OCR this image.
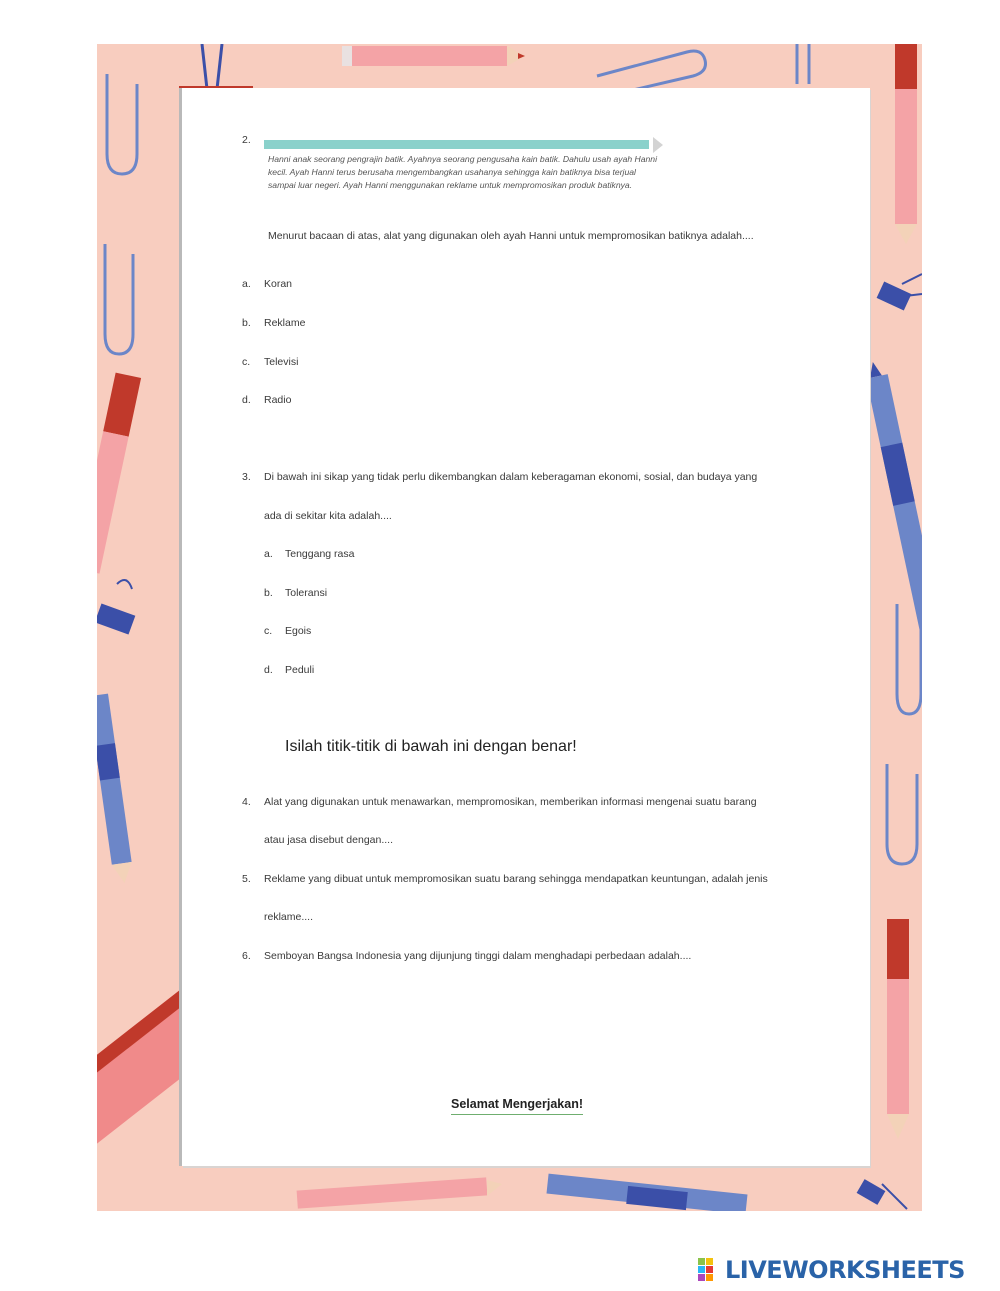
2.
Hanni anak seorang pengrajin batik. Ayahnya seorang pengusaha kain batik. Dahulu usah ayah Hanni kecil. Ayah Hanni terus berusaha mengembangkan usahanya sehingga kain batiknya bisa terjual sampai luar negeri. Ayah Hanni menggunakan reklame untuk mempromosikan produk batiknya.
Menurut bacaan di atas, alat yang digunakan oleh ayah Hanni untuk mempromosikan batiknya adalah....
a. Koran
b. Reklame
c. Televisi
d. Radio
3. Di bawah ini sikap yang tidak perlu dikembangkan dalam keberagaman ekonomi, sosial, dan budaya yang
ada di sekitar kita adalah....
a. Tenggang rasa
b. Toleransi
c. Egois
d. Peduli
Isilah titik-titik di bawah ini dengan benar!
4. Alat yang digunakan untuk menawarkan, mempromosikan, memberikan informasi mengenai suatu barang
atau jasa disebut dengan....
5. Reklame yang dibuat untuk mempromosikan suatu barang sehingga mendapatkan keuntungan, adalah jenis
reklame....
6. Semboyan Bangsa Indonesia yang dijunjung tinggi dalam menghadapi perbedaan adalah....
Selamat Mengerjakan!
LIVEWORKSHEETS
